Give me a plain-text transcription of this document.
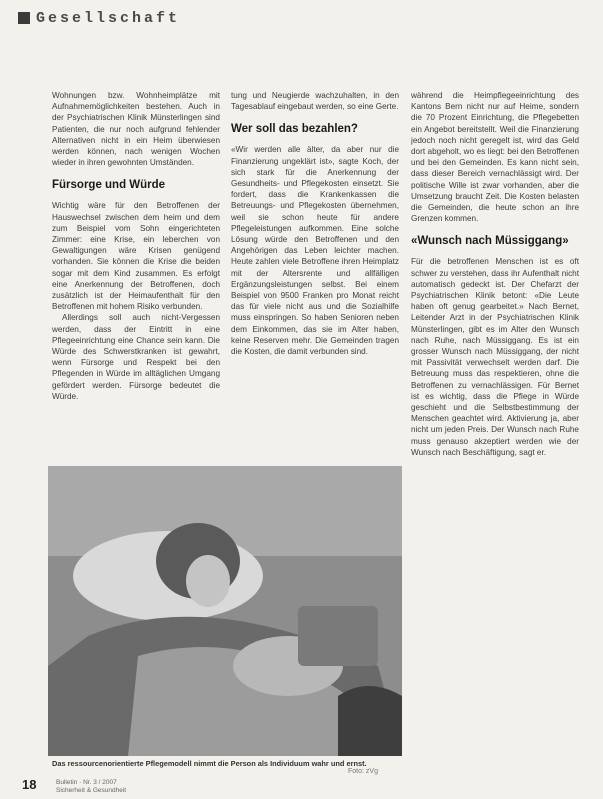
Gesellschaft

Wohnungen bzw. Wohnheimplätze mit Aufnahmemöglichkeiten bestehen. Auch in der Psychiatrischen Klinik Münsterlingen sind Patienten, die nur noch aufgrund fehlender Alternativen nicht in ein Heim überwiesen werden können, nach wenigen Wochen wieder in ihren gewohnten Umständen.

Fürsorge und Würde

Wichtig wäre für den Betroffenen der Hauswechsel zwischen dem heim und dem zum Beispiel vom Sohn eingerichteten Zimmer: eine Krise, ein leberchen von Gewaltigungen wäre Krisen genügend vorhanden. Sie können die Krise die beiden sogar mit dem Kind zusammen. Es erfolgt eine Anerkennung der Betroffenen, doch zusätzlich ist der Heimaufenthalt für den Betroffenen mit hohem Risiko verbunden.

Allerdings soll auch nicht-Vergessen werden, dass der Eintritt in eine Pflegeeinrichtung eine Chance sein kann. Die Würde des Schwerstkranken ist gewahrt, wenn Fürsorge und Respekt bei den Pflegenden in Würde im alltäglichen Umgang gefördert werden. Fürsorge bedeutet die Würde.

tung und Neugierde wachzuhalten, in den Tagesablauf eingebaut werden, so eine Gerte.

Wer soll das bezahlen?

«Wir werden alle älter, da aber nur die Finanzierung ungeklärt ist», sagte Koch, der sich stark für die Anerkennung der Gesundheits- und Pflegekosten einsetzt. Sie fordert, dass die Krankenkassen die Betreuungs- und Pflegekosten übernehmen, weil sie schon heute für andere Pflegeleistungen aufkommen. Eine solche Lösung würde den Betroffenen und den Angehörigen das Leben leichter machen. Heute zahlen viele Betroffene ihren Heimplatz mit der Altersrente und allfälligen Ergänzungsleistungen selbst. Bei einem Beispiel von 9500 Franken pro Monat reicht das für viele nicht aus und die Sozialhilfe muss einspringen. So haben Senioren neben dem Einkommen, das sie im Alter haben, keine Reserven mehr. Die Gemeinden tragen die Kosten, die damit verbunden sind.

während die Heimpflegeeinrichtung des Kantons Bern nicht nur auf Heime, sondern die 70 Prozent Einrichtung, die Pflegebetten ein Angebot bereitstellt. Weil die Finanzierung jedoch noch nicht geregelt ist, wird das Geld dort abgeholt, wo es liegt: bei den Betroffenen und bei den Gemeinden. Es kann nicht sein, dass dieser Bereich vernachlässigt wird. Der politische Wille ist zwar vorhanden, aber die Umsetzung braucht Zeit. Die Kosten belasten die Gemeinden, die heute schon an ihre Grenzen kommen.

«Wunsch nach Müssiggang»

Für die betroffenen Menschen ist es oft schwer zu verstehen, dass ihr Aufenthalt nicht automatisch gedeckt ist. Der Chefarzt der Psychiatrischen Klinik betont: «Die Leute haben oft genug gearbeitet.» Nach Bernet, Leitender Arzt in der Psychiatrischen Klinik Münsterlingen, gibt es im Alter den Wunsch nach Ruhe, nach Müssiggang. Es ist ein grosser Wunsch nach Müssiggang, der nicht mit Passivität verwechselt werden darf. Die Betreuung muss das respektieren, ohne die Betroffenen zu vernachlässigen. Für Bernet ist es wichtig, dass die Pflege in Würde geschieht und die Selbstbestimmung der Menschen geachtet wird. Aktivierung ja, aber nicht um jeden Preis. Der Wunsch nach Ruhe muss genauso akzeptiert werden wie der Wunsch nach Beschäftigung, sagt er.

Das ressourcenorientierte Pflegemodell nimmt die Person als Individuum wahr und ernst.
Foto: zVg
18	Bulletin · Nr. 3 / 2007
Sicherheit & Gesundheit
